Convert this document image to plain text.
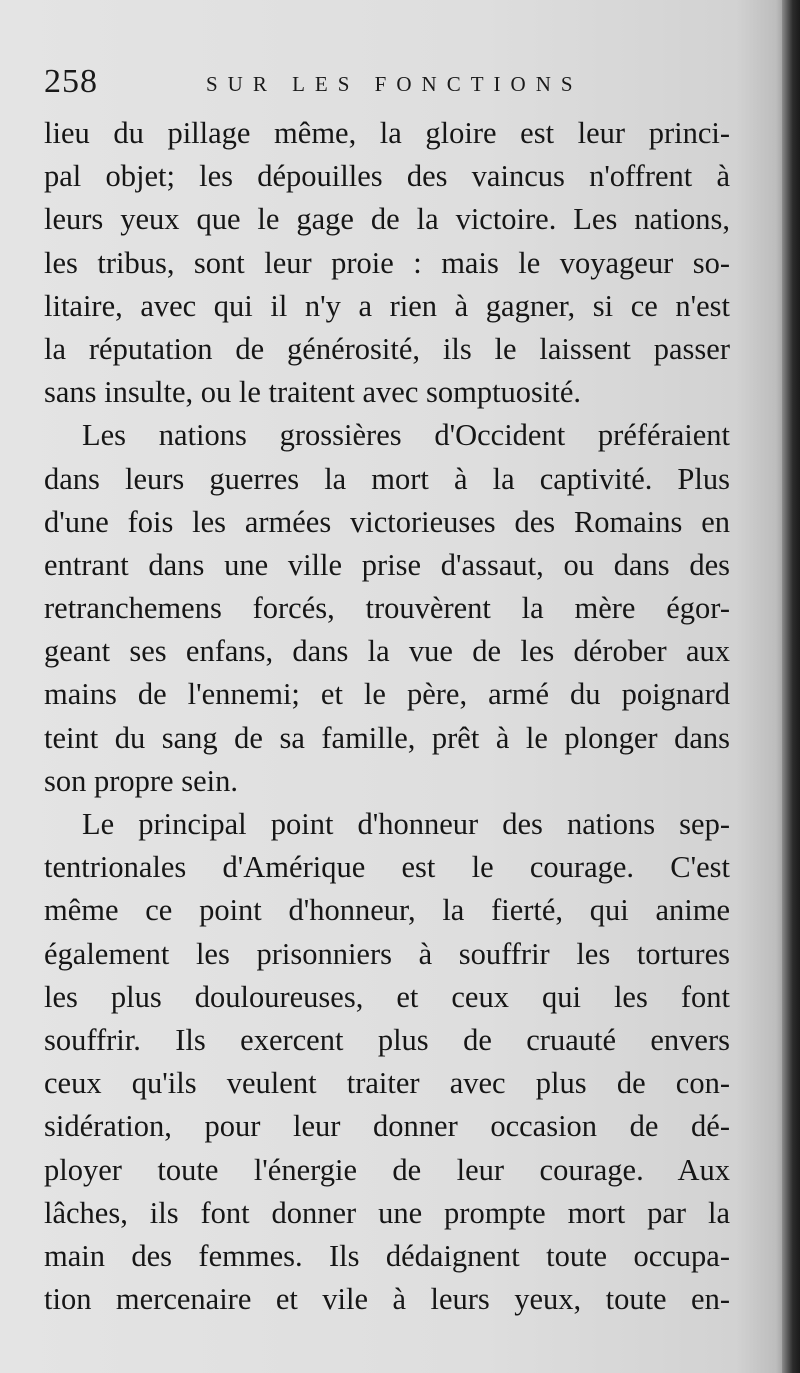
258	SUR LES FONCTIONS
lieu du pillage même, la gloire est leur princi-
pal objet; les dépouilles des vaincus n'offrent à
leurs yeux que le gage de la victoire. Les nations,
les tribus, sont leur proie : mais le voyageur so-
litaire, avec qui il n'y a rien à gagner, si ce n'est
la réputation de générosité, ils le laissent passer
sans insulte, ou le traitent avec somptuosité.
Les nations grossières d'Occident préféraient
dans leurs guerres la mort à la captivité. Plus
d'une fois les armées victorieuses des Romains en
entrant dans une ville prise d'assaut, ou dans des
retranchemens forcés, trouvèrent la mère égor-
geant ses enfans, dans la vue de les dérober aux
mains de l'ennemi; et le père, armé du poignard
teint du sang de sa famille, prêt à le plonger dans
son propre sein.
Le principal point d'honneur des nations sep-
tentrionales d'Amérique est le courage. C'est
même ce point d'honneur, la fierté, qui anime
également les prisonniers à souffrir les tortures
les plus douloureuses, et ceux qui les font
souffrir. Ils exercent plus de cruauté envers
ceux qu'ils veulent traiter avec plus de con-
sidération, pour leur donner occasion de dé-
ployer toute l'énergie de leur courage. Aux
lâches, ils font donner une prompte mort par la
main des femmes. Ils dédaignent toute occupa-
tion mercenaire et vile à leurs yeux, toute en-
